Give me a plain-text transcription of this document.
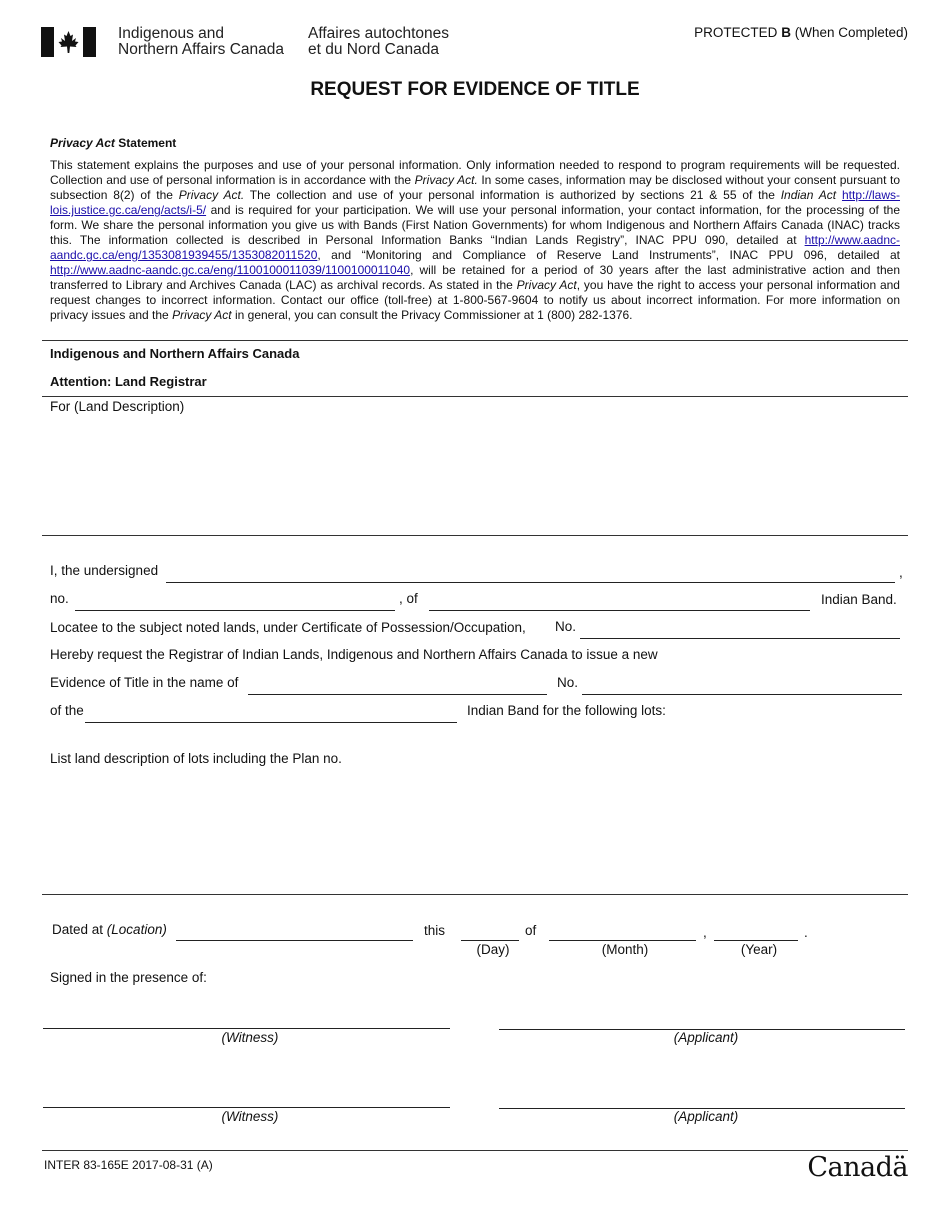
Indigenous and
Northern Affairs Canada
Affaires autochtones
et du Nord Canada
PROTECTED B (When Completed)
REQUEST FOR EVIDENCE OF TITLE
Privacy Act Statement
This statement explains the purposes and use of your personal information. Only information needed to respond to program requirements will be requested. Collection and use of personal information is in accordance with the Privacy Act. In some cases, information may be disclosed without your consent pursuant to subsection 8(2) of the Privacy Act. The collection and use of your personal information is authorized by sections 21 & 55 of the Indian Act http://laws-lois.justice.gc.ca/eng/acts/i-5/ and is required for your participation. We will use your personal information, your contact information, for the processing of the form. We share the personal information you give us with Bands (First Nation Governments) for whom Indigenous and Northern Affairs Canada (INAC) tracks this. The information collected is described in Personal Information Banks “Indian Lands Registry”, INAC PPU 090, detailed at http://www.aadnc-aandc.gc.ca/eng/1353081939455/1353082011520, and “Monitoring and Compliance of Reserve Land Instruments”, INAC PPU 096, detailed at http://www.aadnc-aandc.gc.ca/eng/1100100011039/1100100011040, will be retained for a period of 30 years after the last administrative action and then transferred to Library and Archives Canada (LAC) as archival records. As stated in the Privacy Act, you have the right to access your personal information and request changes to incorrect information. Contact our office (toll-free) at 1-800-567-9604 to notify us about incorrect information. For more information on privacy issues and the Privacy Act in general, you can consult the Privacy Commissioner at 1 (800) 282-1376.
Indigenous and Northern Affairs Canada
Attention: Land Registrar
For (Land Description)
I, the undersigned	,
no.	, of	Indian Band.
Locatee to the subject noted lands, under Certificate of Possession/Occupation, No.
Hereby request the Registrar of Indian Lands, Indigenous and Northern Affairs Canada to issue a new
Evidence of Title in the name of	No.
of the	Indian Band for the following lots:
List land description of lots including the Plan no.
Dated at (Location)	this	of	,	.
(Day)	(Month)	(Year)
Signed in the presence of:
(Witness)	(Applicant)
(Witness)	(Applicant)
INTER 83-165E 2017-08-31 (A)	Canadä
